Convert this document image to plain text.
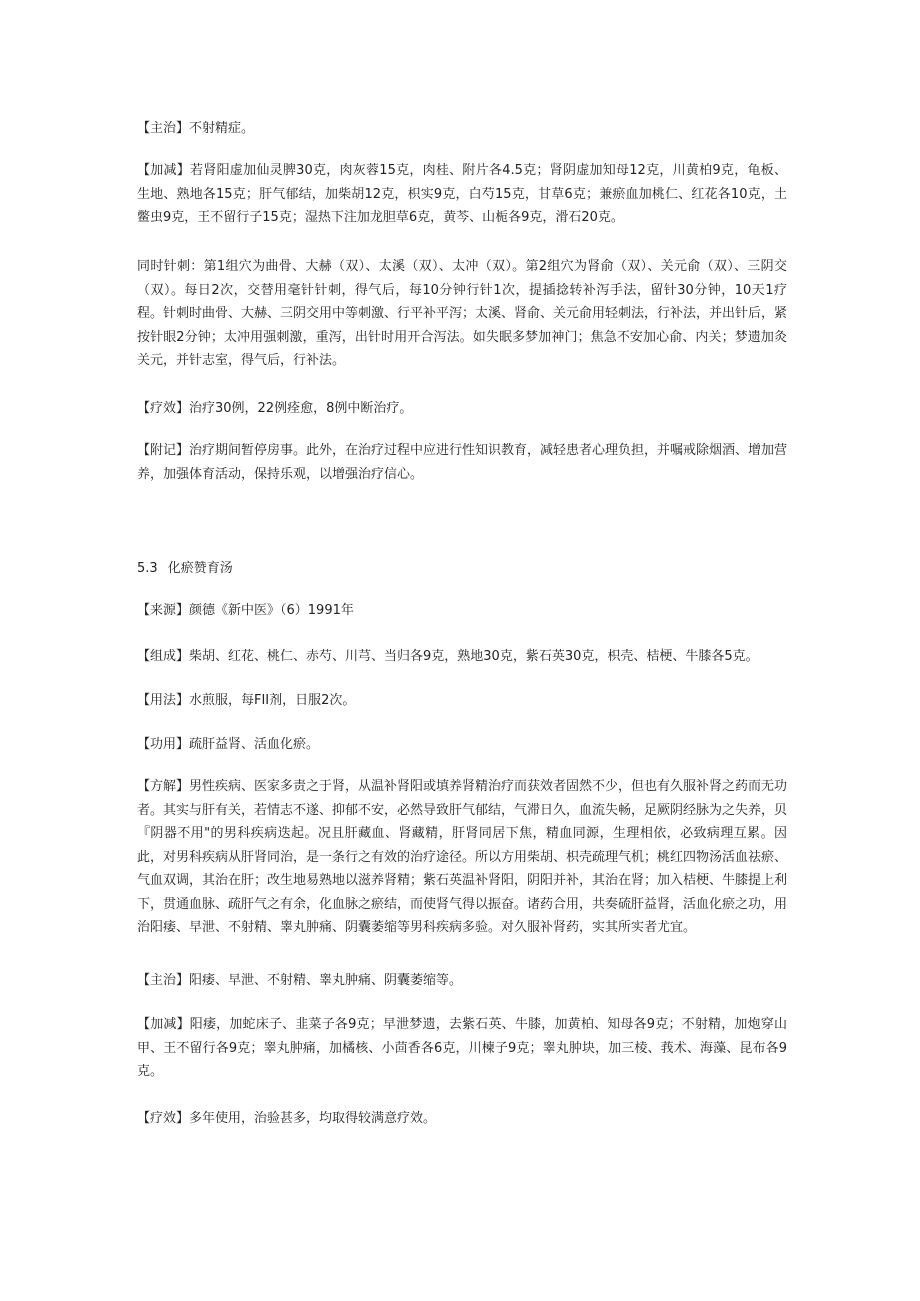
【主治】不射精症。

【加减】若肾阳虚加仙灵脾30克，肉灰蓉15克，肉桂、附片各4.5克；肾阴虚加知母12克，川黄柏9克，龟板、生地、熟地各15克；肝气郁结，加柴胡12克，枳实9克，白芍15克，甘草6克；兼瘀血加桃仁、红花各10克，土鳖虫9克，王不留行子15克；湿热下注加龙胆草6克，黄芩、山栀各9克，滑石20克。

同时针刺：第1组穴为曲骨、大赫（双）、太溪（双）、太冲（双）。第2组穴为肾俞（双）、关元俞（双）、三阴交（双）。每日2次，交替用毫针针刺，得气后，每10分钟行针1次，提插捻转补泻手法，留针30分钟，10天1疗程。针刺时曲骨、大赫、三阴交用中等刺激、行平补平泻；太溪、肾俞、关元俞用轻刺法，行补法，并出针后，紧按针眼2分钟；太冲用强刺激，重泻，出针时用开合泻法。如失眠多梦加神门；焦急不安加心俞、内关；梦遗加灸关元，并针志室，得气后，行补法。

【疗效】治疗30例，22例痊愈，8例中断治疗。

【附记】治疗期间暂停房事。此外，在治疗过程中应进行性知识教育，减轻患者心理负担，并嘱戒除烟酒、增加营养，加强体育活动，保持乐观，以增强治疗信心。

5.3 化瘀赞育汤

【来源】颜德《新中医》（6）1991年

【组成】柴胡、红花、桃仁、赤芍、川芎、当归各9克，熟地30克，紫石英30克，枳壳、桔梗、牛膝各5克。

【用法】水煎服，每FII剂，日服2次。

【功用】疏肝益肾、活血化瘀。

【方解】男性疾病、医家多责之于肾，从温补肾阳或填养肾精治疗而获效者固然不少，但也有久服补肾之药而无功者。其实与肝有关，若情志不遂、抑郁不安，必然导致肝气郁结，气滞日久，血流失畅，足厥阴经脉为之失养，贝『阴器不用"的男科疾病迭起。况且肝藏血、肾藏精，肝肾同居下焦，精血同源，生理相依，必致病理互累。因此，对男科疾病从肝肾同治，是一条行之有效的治疗途径。所以方用柴胡、枳壳疏理气机；桃红四物汤活血祛瘀、气血双调，其治在肝；改生地易熟地以滋养肾精；紫石英温补肾阳，阴阳并补，其治在肾；加入桔梗、牛膝提上利下，贯通血脉、疏肝气之有余，化血脉之瘀结，而使肾气得以振奋。诸药合用，共奏硫肝益肾，活血化瘀之功，用治阳痿、早泄、不射精、睾丸肿痛、阴囊萎缩等男科疾病多验。对久服补肾药，实其所实者尤宜。

【主治】阳痿、早泄、不射精、睾丸肿痛、阴囊萎缩等。

【加减】阳痿，加蛇床子、韭菜子各9克；早泄梦遗，去紫石英、牛膝，加黄柏、知母各9克；不射精，加炮穿山甲、王不留行各9克；睾丸肿痛，加橘核、小茴香各6克，川楝子9克；睾丸肿块，加三棱、莪术、海藻、昆布各9克。

【疗效】多年使用，治验甚多，均取得较满意疗效。
